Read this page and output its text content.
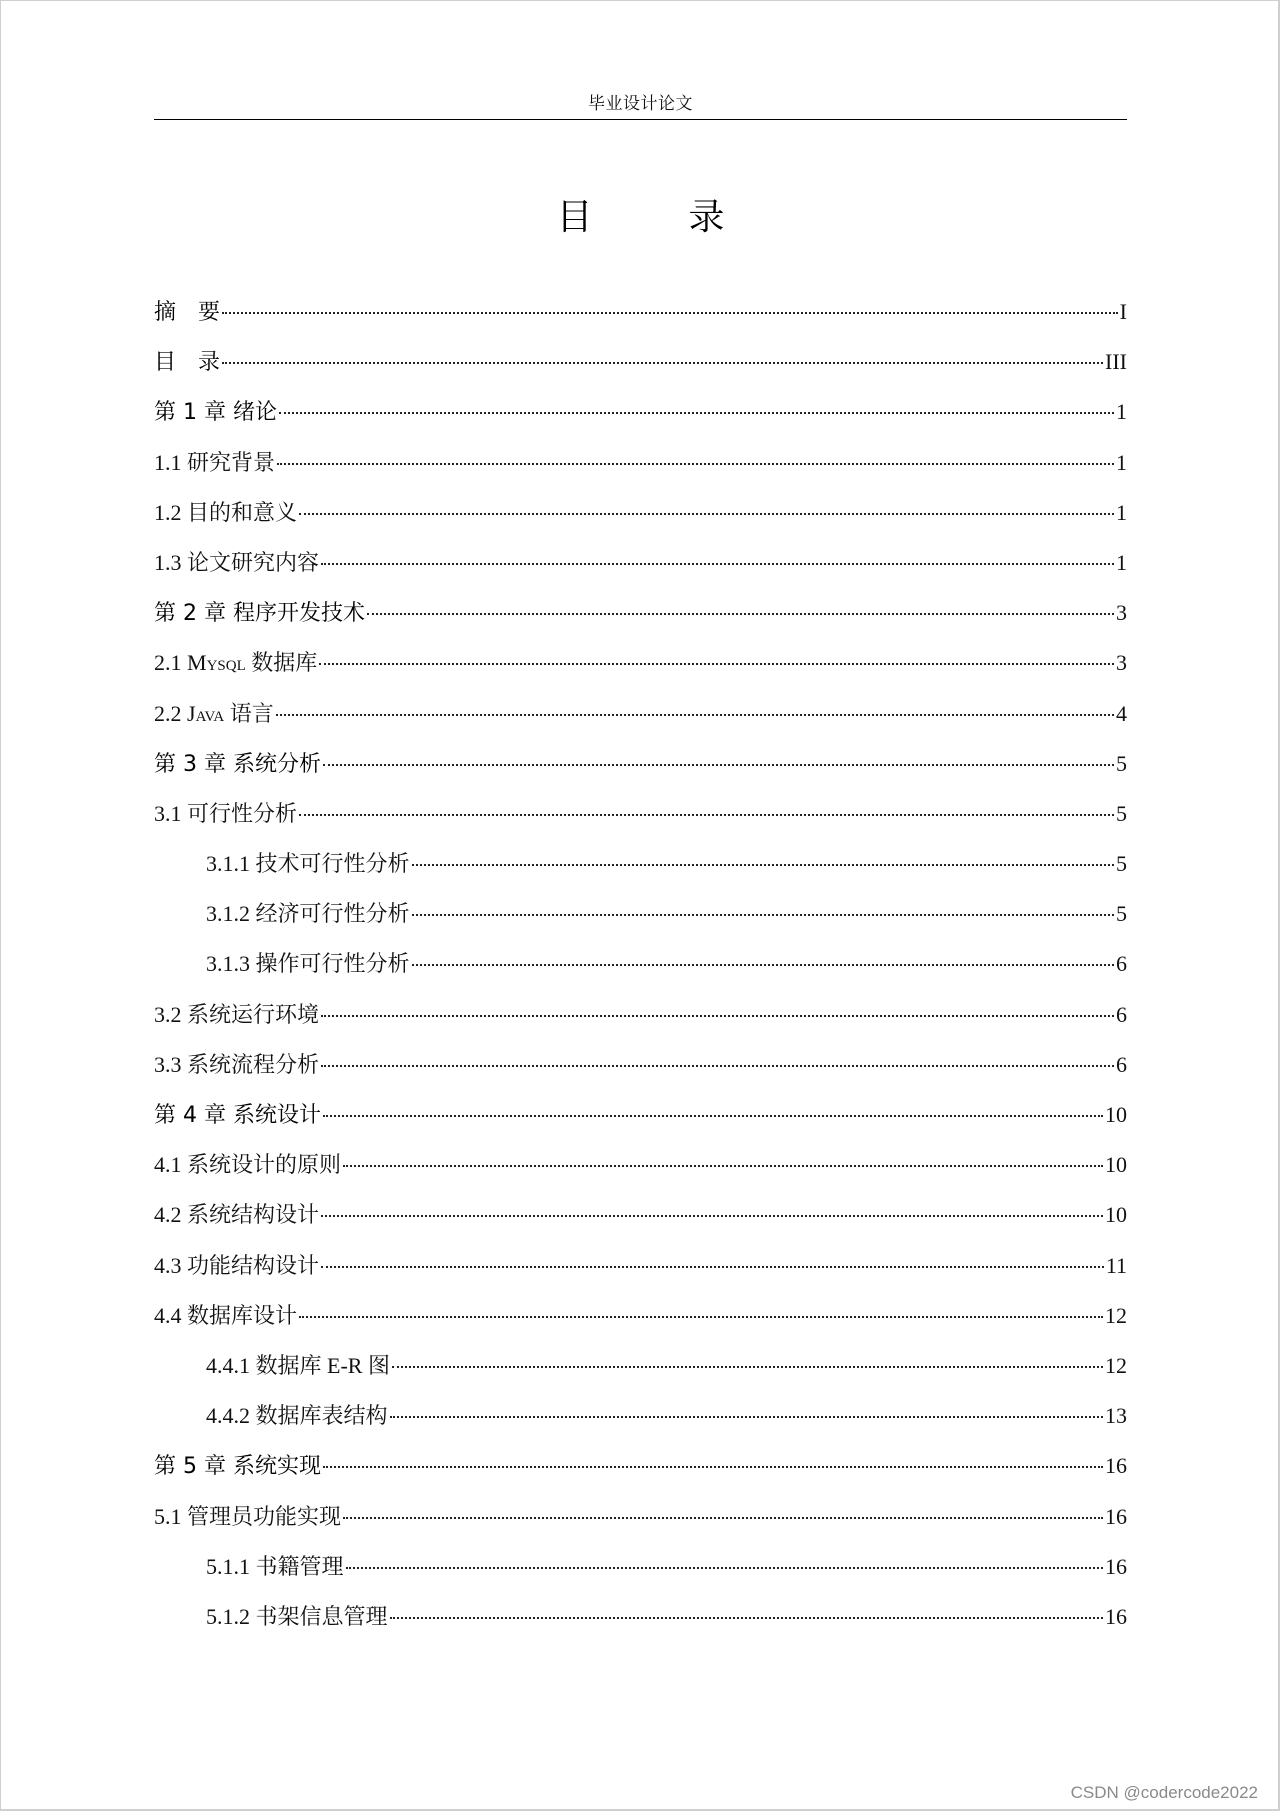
毕业设计论文
目　录
摘　要	I
目　录	III
第 1 章 绪论	1
1.1 研究背景	1
1.2 目的和意义	1
1.3 论文研究内容	1
第 2 章 程序开发技术	3
2.1 Mysql 数据库	3
2.2 Java 语言	4
第 3 章 系统分析	5
3.1 可行性分析	5
3.1.1 技术可行性分析	5
3.1.2 经济可行性分析	5
3.1.3 操作可行性分析	6
3.2 系统运行环境	6
3.3 系统流程分析	6
第 4 章 系统设计	10
4.1 系统设计的原则	10
4.2 系统结构设计	10
4.3 功能结构设计	11
4.4 数据库设计	12
4.4.1 数据库 E-R 图	12
4.4.2 数据库表结构	13
第 5 章 系统实现	16
5.1 管理员功能实现	16
5.1.1 书籍管理	16
5.1.2 书架信息管理	16
CSDN @codercode2022
